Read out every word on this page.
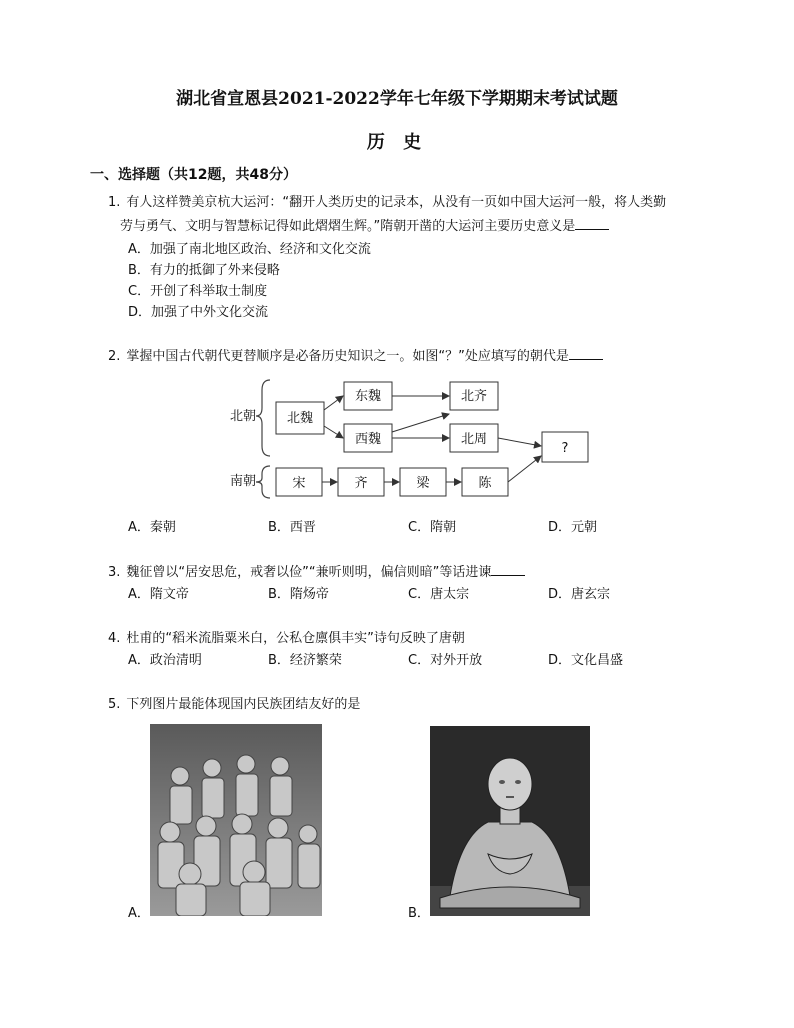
湖北省宣恩县2021-2022学年七年级下学期期末考试试题
历 史
一、选择题（共12题，共48分）
1. 有人这样赞美京杭大运河：“翻开人类历史的记录本，从没有一页如中国大运河一般，将人类勤
劳与勇气、文明与智慧标记得如此熠熠生辉。”隋朝开凿的大运河主要历史意义是
A．加强了南北地区政治、经济和文化交流
B．有力的抵御了外来侵略
C．开创了科举取士制度
D．加强了中外文化交流
2. 掌握中国古代朝代更替顺序是必备历史知识之一。如图“？”处应填写的朝代是
北朝
南朝
北魏
东魏
西魏
北齐
北周
?
宋	齐	梁	陈
A．秦朝	B．西晋	C．隋朝	D．元朝
3. 魏征曾以“居安思危，戒奢以俭”“兼听则明，偏信则暗”等话进谏
A．隋文帝	B．隋炀帝	C．唐太宗	D．唐玄宗
4. 杜甫的“稻米流脂粟米白，公私仓廪俱丰实”诗句反映了唐朝
A．政治清明	B．经济繁荣	C．对外开放	D．文化昌盛
5. 下列图片最能体现国内民族团结友好的是
A．	B．
